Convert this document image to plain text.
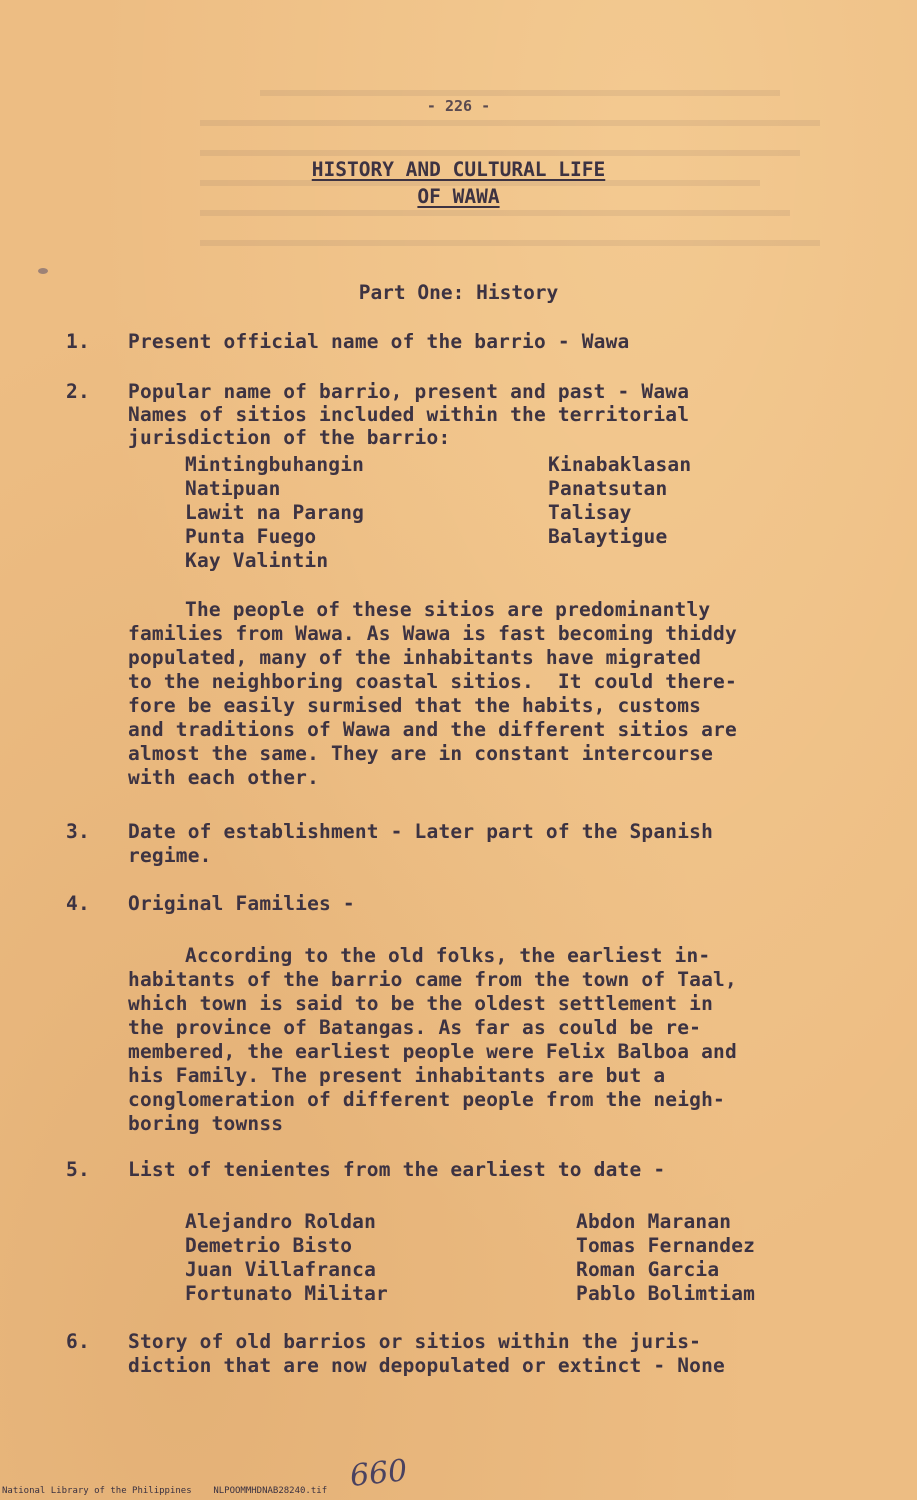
- 226 -
HISTORY AND CULTURAL LIFE
OF WAWA
Part One: History
1. Present official name of the barrio - Wawa
2. Popular name of barrio, present and past - Wawa
Names of sitios included within the territorial
jurisdiction of the barrio:
Mintingbuhangin
Natipuan
Lawit na Parang
Punta Fuego
Kay Valintin
Kinabaklasan
Panatsutan
Talisay
Balaytigue
The people of these sitios are predominantly
families from Wawa. As Wawa is fast becoming thiddy
populated, many of the inhabitants have migrated
to the neighboring coastal sitios.  It could there-
fore be easily surmised that the habits, customs
and traditions of Wawa and the different sitios are
almost the same. They are in constant intercourse
with each other.
3. Date of establishment - Later part of the Spanish
regime.
4. Original Families -
According to the old folks, the earliest in-
habitants of the barrio came from the town of Taal,
which town is said to be the oldest settlement in
the province of Batangas. As far as could be re-
membered, the earliest people were Felix Balboa and
his Family. The present inhabitants are but a
conglomeration of different people from the neigh-
boring townss
5. List of tenientes from the earliest to date -
Alejandro Roldan
Demetrio Bisto
Juan Villafranca
Fortunato Militar
Abdon Maranan
Tomas Fernandez
Roman Garcia
Pablo Bolimtiam
6. Story of old barrios or sitios within the juris-
diction that are now depopulated or extinct - None
660
National Library of the Philippines    NLPOOMMHDNAB28240.tif
